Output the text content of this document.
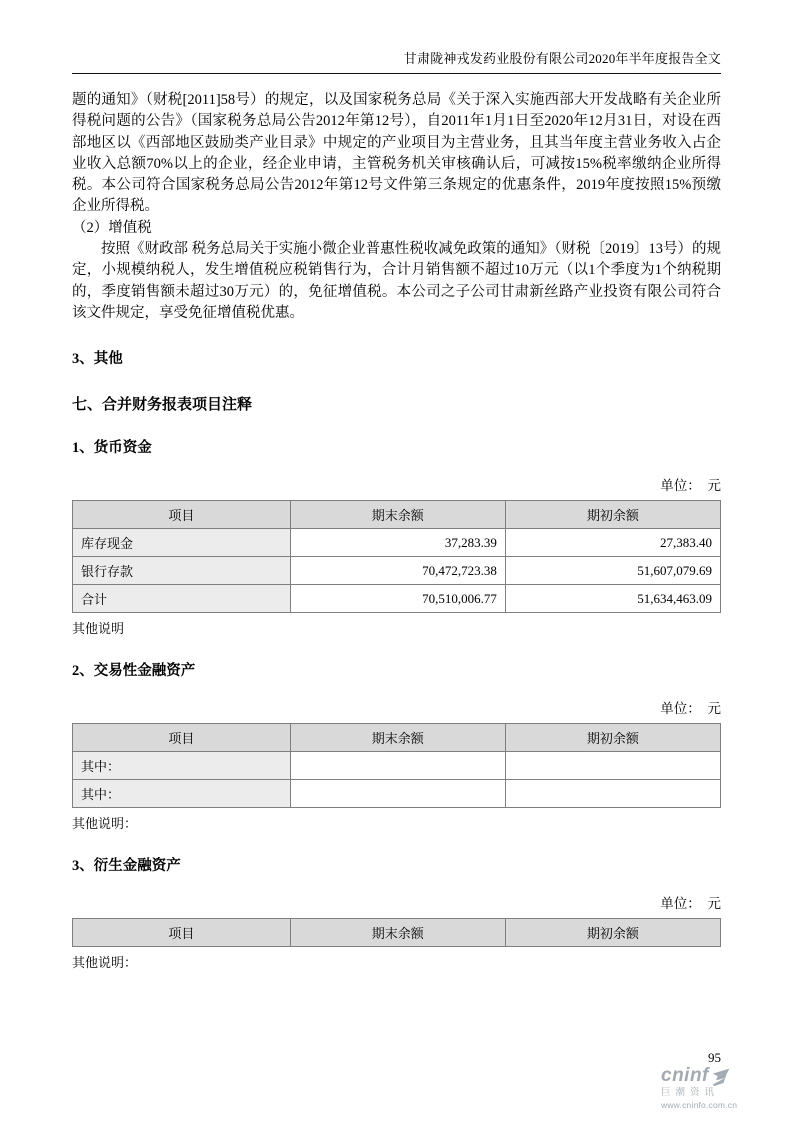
甘肃陇神戎发药业股份有限公司2020年半年度报告全文

题的通知》（财税[2011]58号）的规定，以及国家税务总局《关于深入实施西部大开发战略有关企业所得税问题的公告》（国家税务总局公告2012年第12号），自2011年1月1日至2020年12月31日，对设在西部地区以《西部地区鼓励类产业目录》中规定的产业项目为主营业务，且其当年度主营业务收入占企业收入总额70%以上的企业，经企业申请，主管税务机关审核确认后，可减按15%税率缴纳企业所得税。本公司符合国家税务总局公告2012年第12号文件第三条规定的优惠条件，2019年度按照15%预缴企业所得税。

（2）增值税

按照《财政部 税务总局关于实施小微企业普惠性税收减免政策的通知》（财税〔2019〕13号）的规定，小规模纳税人，发生增值税应税销售行为，合计月销售额不超过10万元（以1个季度为1个纳税期的，季度销售额未超过30万元）的，免征增值税。本公司之子公司甘肃新丝路产业投资有限公司符合该文件规定，享受免征增值税优惠。

3、其他
七、合并财务报表项目注释
1、货币资金
单位：  元
项目	期末余额	期初余额
库存现金	37,283.39	27,383.40
银行存款	70,472,723.38	51,607,079.69
合计	70,510,006.77	51,634,463.09
其他说明
2、交易性金融资产
单位：  元
项目	期末余额	期初余额
其中：		
其中：		
其他说明：
3、衍生金融资产
单位：  元
项目	期末余额	期初余额
其他说明：
95
cninf
巨潮资讯
www.cninfo.com.cn
